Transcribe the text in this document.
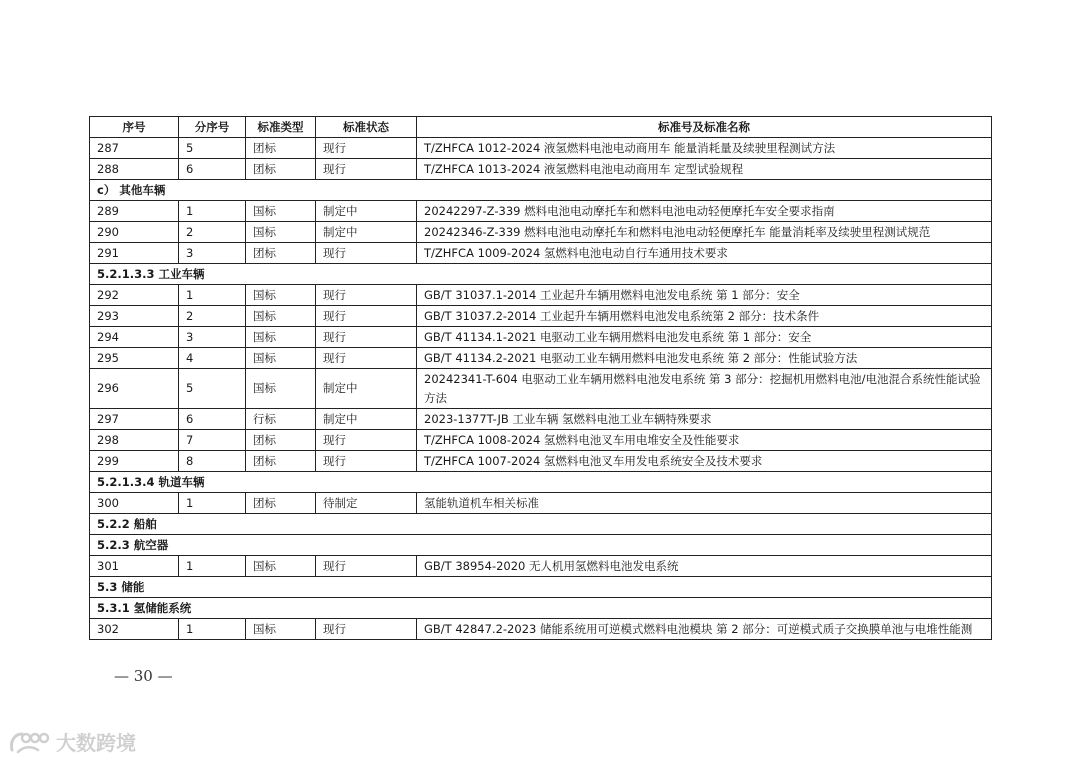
序号	分序号	标准类型	标准状态	标准号及标准名称
287	5	团标	现行	T/ZHFCA 1012-2024 液氢燃料电池电动商用车 能量消耗量及续驶里程测试方法
288	6	团标	现行	T/ZHFCA 1013-2024 液氢燃料电池电动商用车 定型试验规程
c） 其他车辆				
289	1	国标	制定中	20242297-Z-339 燃料电池电动摩托车和燃料电池电动轻便摩托车安全要求指南
290	2	国标	制定中	20242346-Z-339 燃料电池电动摩托车和燃料电池电动轻便摩托车 能量消耗率及续驶里程测试规范
291	3	团标	现行	T/ZHFCA 1009-2024 氢燃料电池电动自行车通用技术要求
5.2.1.3.3 工业车辆				
292	1	国标	现行	GB/T 31037.1-2014 工业起升车辆用燃料电池发电系统 第 1 部分：安全
293	2	国标	现行	GB/T 31037.2-2014 工业起升车辆用燃料电池发电系统第 2 部分：技术条件
294	3	国标	现行	GB/T 41134.1-2021 电驱动工业车辆用燃料电池发电系统 第 1 部分：安全
295	4	国标	现行	GB/T 41134.2-2021 电驱动工业车辆用燃料电池发电系统 第 2 部分：性能试验方法
296	5	国标	制定中	20242341-T-604 电驱动工业车辆用燃料电池发电系统 第 3 部分：挖掘机用燃料电池/电池混合系统性能试验方法
297	6	行标	制定中	2023-1377T-JB 工业车辆 氢燃料电池工业车辆特殊要求
298	7	团标	现行	T/ZHFCA 1008-2024 氢燃料电池叉车用电堆安全及性能要求
299	8	团标	现行	T/ZHFCA 1007-2024 氢燃料电池叉车用发电系统安全及技术要求
5.2.1.3.4 轨道车辆				
300	1	团标	待制定	氢能轨道机车相关标准
5.2.2 船舶				
5.2.3 航空器				
301	1	国标	现行	GB/T 38954-2020 无人机用氢燃料电池发电系统
5.3 储能				
5.3.1 氢储能系统				
302	1	国标	现行	GB/T 42847.2-2023 储能系统用可逆模式燃料电池模块 第 2 部分：可逆模式质子交换膜单池与电堆性能测
— 30 —
大数跨境
